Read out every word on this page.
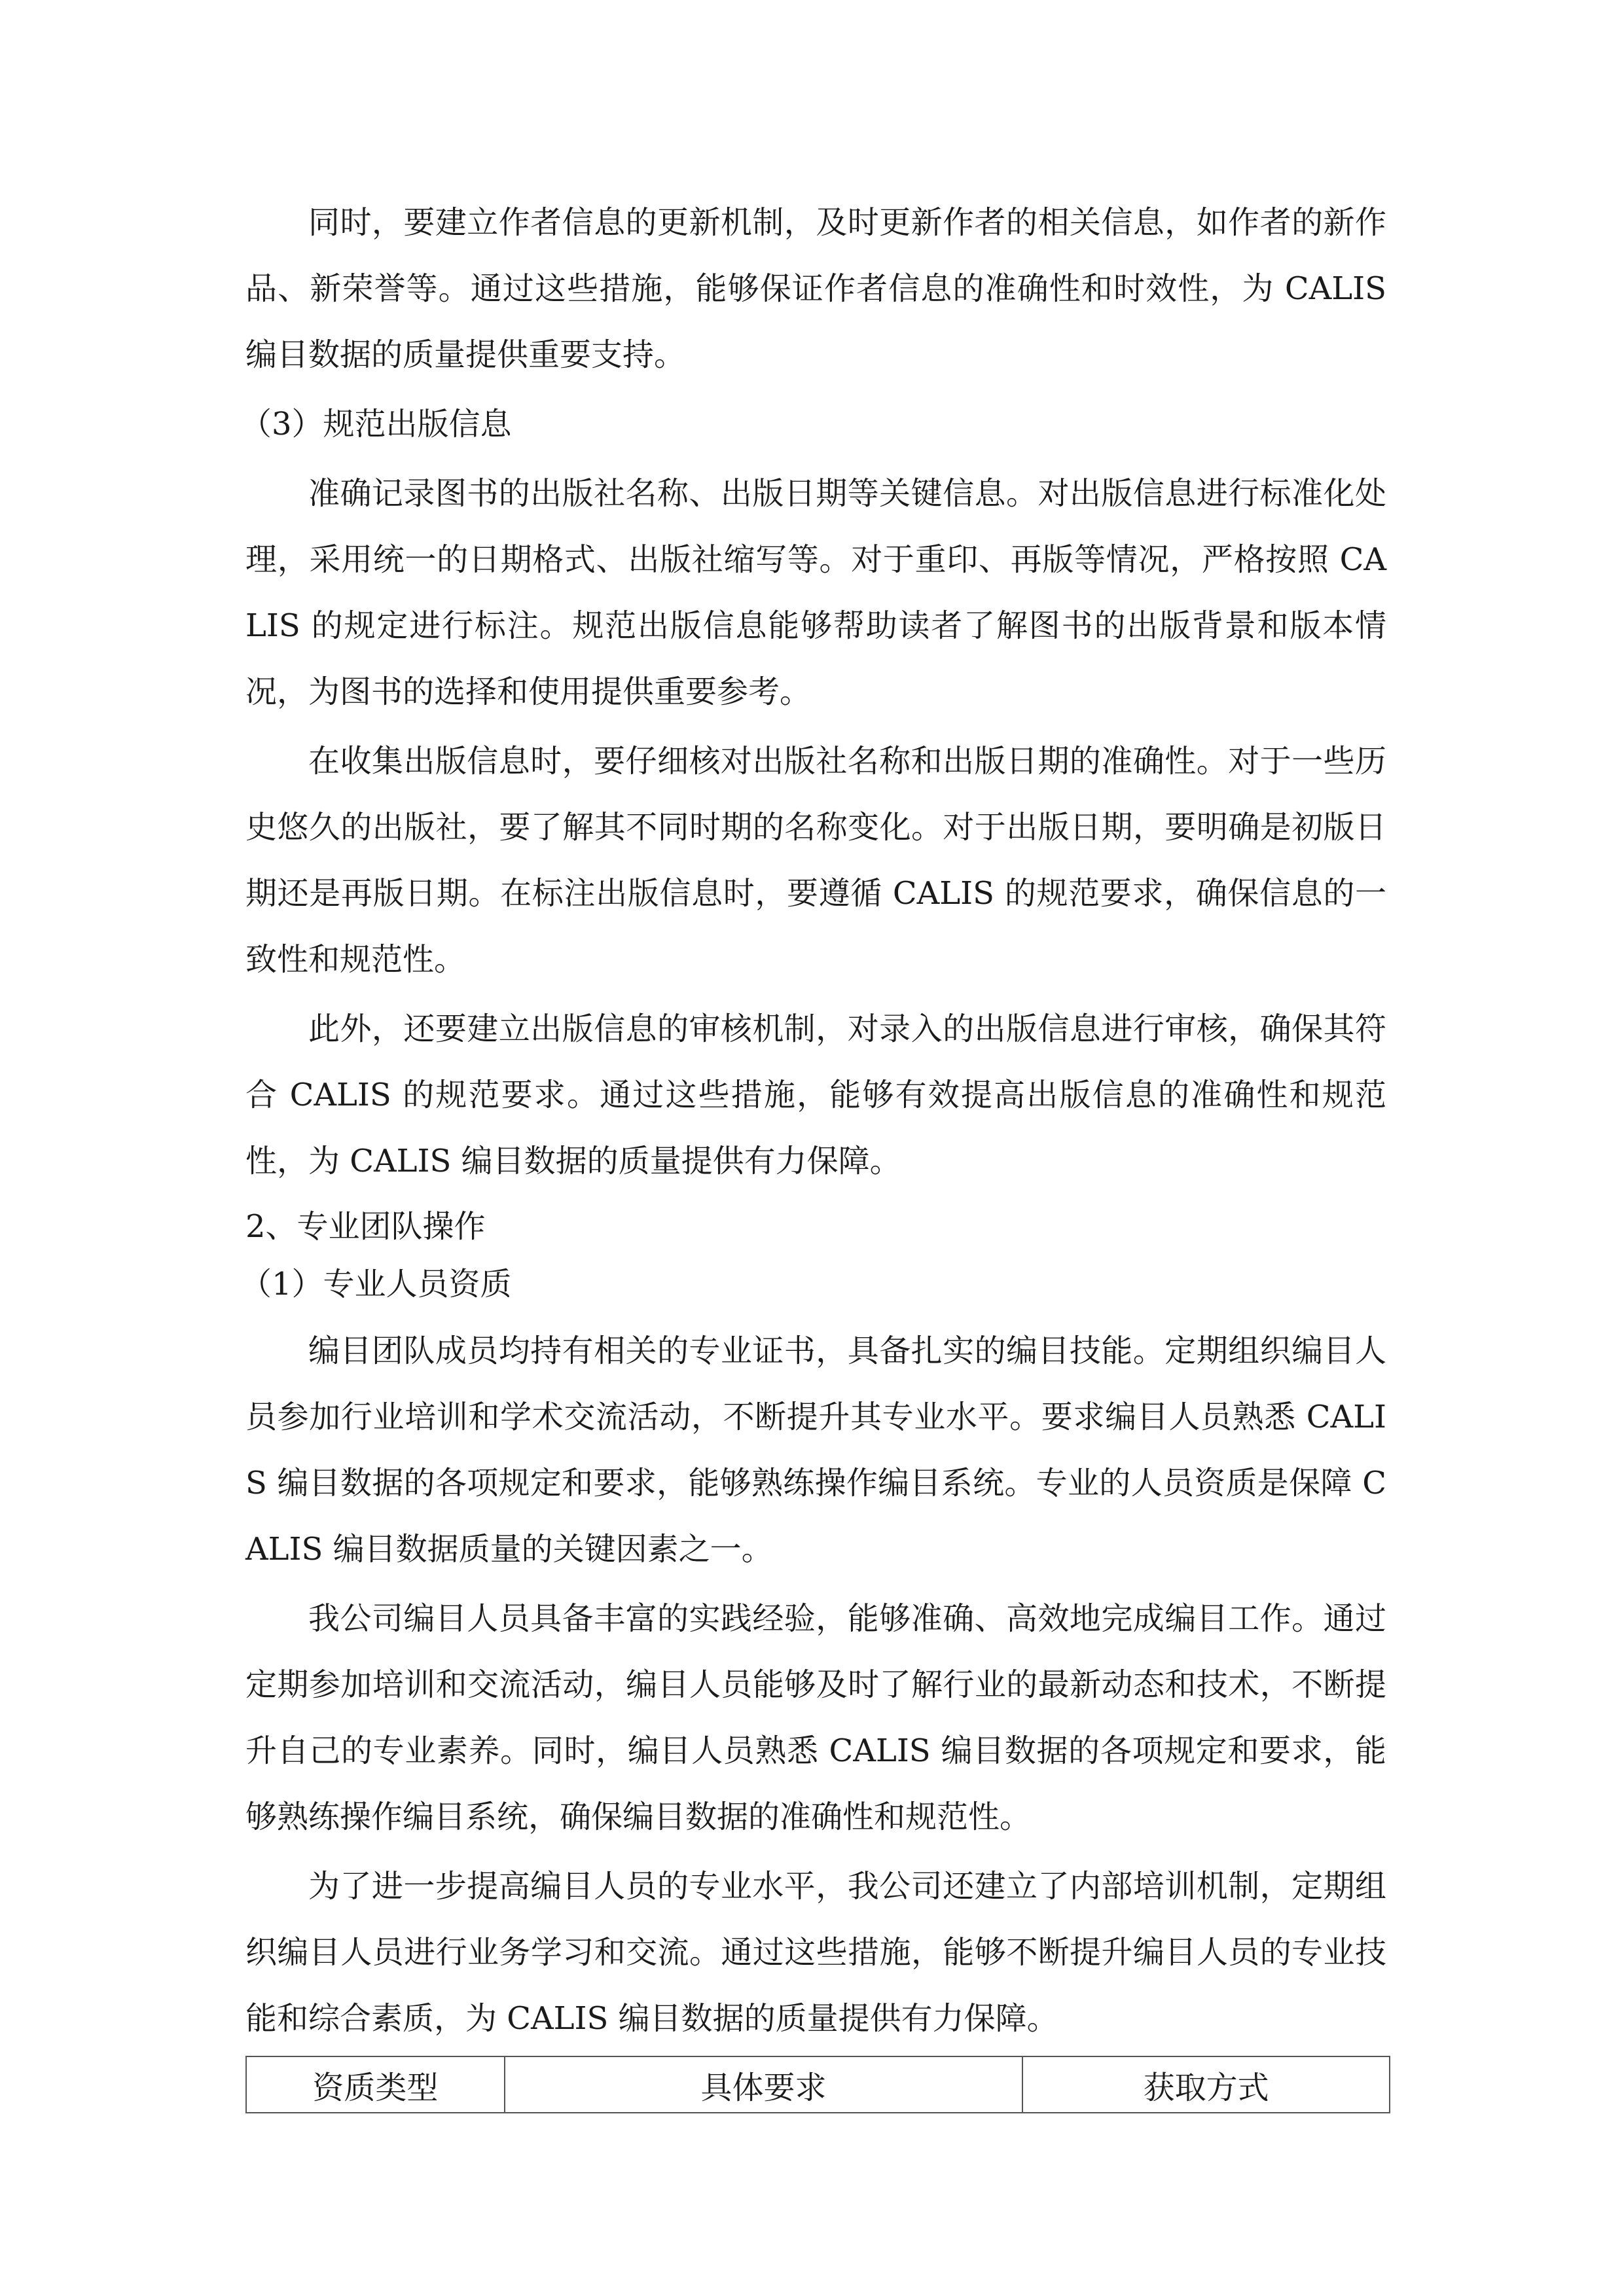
同时，要建立作者信息的更新机制，及时更新作者的相关信息，如作者的新作品、新荣誉等。通过这些措施，能够保证作者信息的准确性和时效性，为 CALIS 编目数据的质量提供重要支持。

（3）规范出版信息

准确记录图书的出版社名称、出版日期等关键信息。对出版信息进行标准化处理，采用统一的日期格式、出版社缩写等。对于重印、再版等情况，严格按照 CALIS 的规定进行标注。规范出版信息能够帮助读者了解图书的出版背景和版本情况，为图书的选择和使用提供重要参考。

在收集出版信息时，要仔细核对出版社名称和出版日期的准确性。对于一些历史悠久的出版社，要了解其不同时期的名称变化。对于出版日期，要明确是初版日期还是再版日期。在标注出版信息时，要遵循 CALIS 的规范要求，确保信息的一致性和规范性。

此外，还要建立出版信息的审核机制，对录入的出版信息进行审核，确保其符合 CALIS 的规范要求。通过这些措施，能够有效提高出版信息的准确性和规范性，为 CALIS 编目数据的质量提供有力保障。

2、专业团队操作

（1）专业人员资质

编目团队成员均持有相关的专业证书，具备扎实的编目技能。定期组织编目人员参加行业培训和学术交流活动，不断提升其专业水平。要求编目人员熟悉 CALIS 编目数据的各项规定和要求，能够熟练操作编目系统。专业的人员资质是保障 CALIS 编目数据质量的关键因素之一。

我公司编目人员具备丰富的实践经验，能够准确、高效地完成编目工作。通过定期参加培训和交流活动，编目人员能够及时了解行业的最新动态和技术，不断提升自己的专业素养。同时，编目人员熟悉 CALIS 编目数据的各项规定和要求，能够熟练操作编目系统，确保编目数据的准确性和规范性。

为了进一步提高编目人员的专业水平，我公司还建立了内部培训机制，定期组织编目人员进行业务学习和交流。通过这些措施，能够不断提升编目人员的专业技能和综合素质，为 CALIS 编目数据的质量提供有力保障。

资质类型	具体要求	获取方式
